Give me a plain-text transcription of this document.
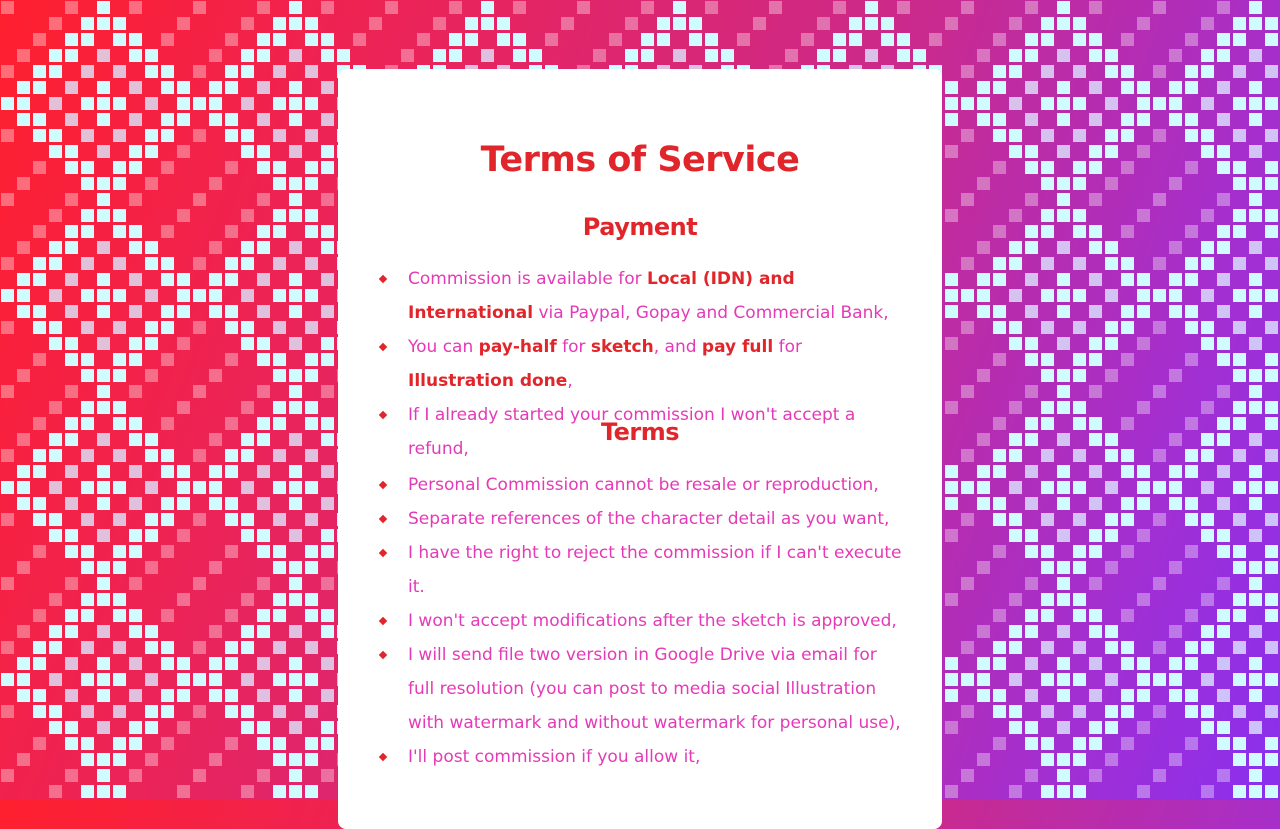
Terms of Service
Payment
Commission is available for Local (IDN) and International via Paypal, Gopay and Commercial Bank,
You can pay-half for sketch, and pay full for Illustration done,
If I already started your commission I won't accept a refund,
Terms
Personal Commission cannot be resale or reproduction,
Separate references of the character detail as you want,
I have the right to reject the commission if I can't execute it.
I won't accept modifications after the sketch is approved,
I will send file two version in Google Drive via email for full resolution (you can post to media social Illustration with watermark and without watermark for personal use),
I'll post commission if you allow it,
